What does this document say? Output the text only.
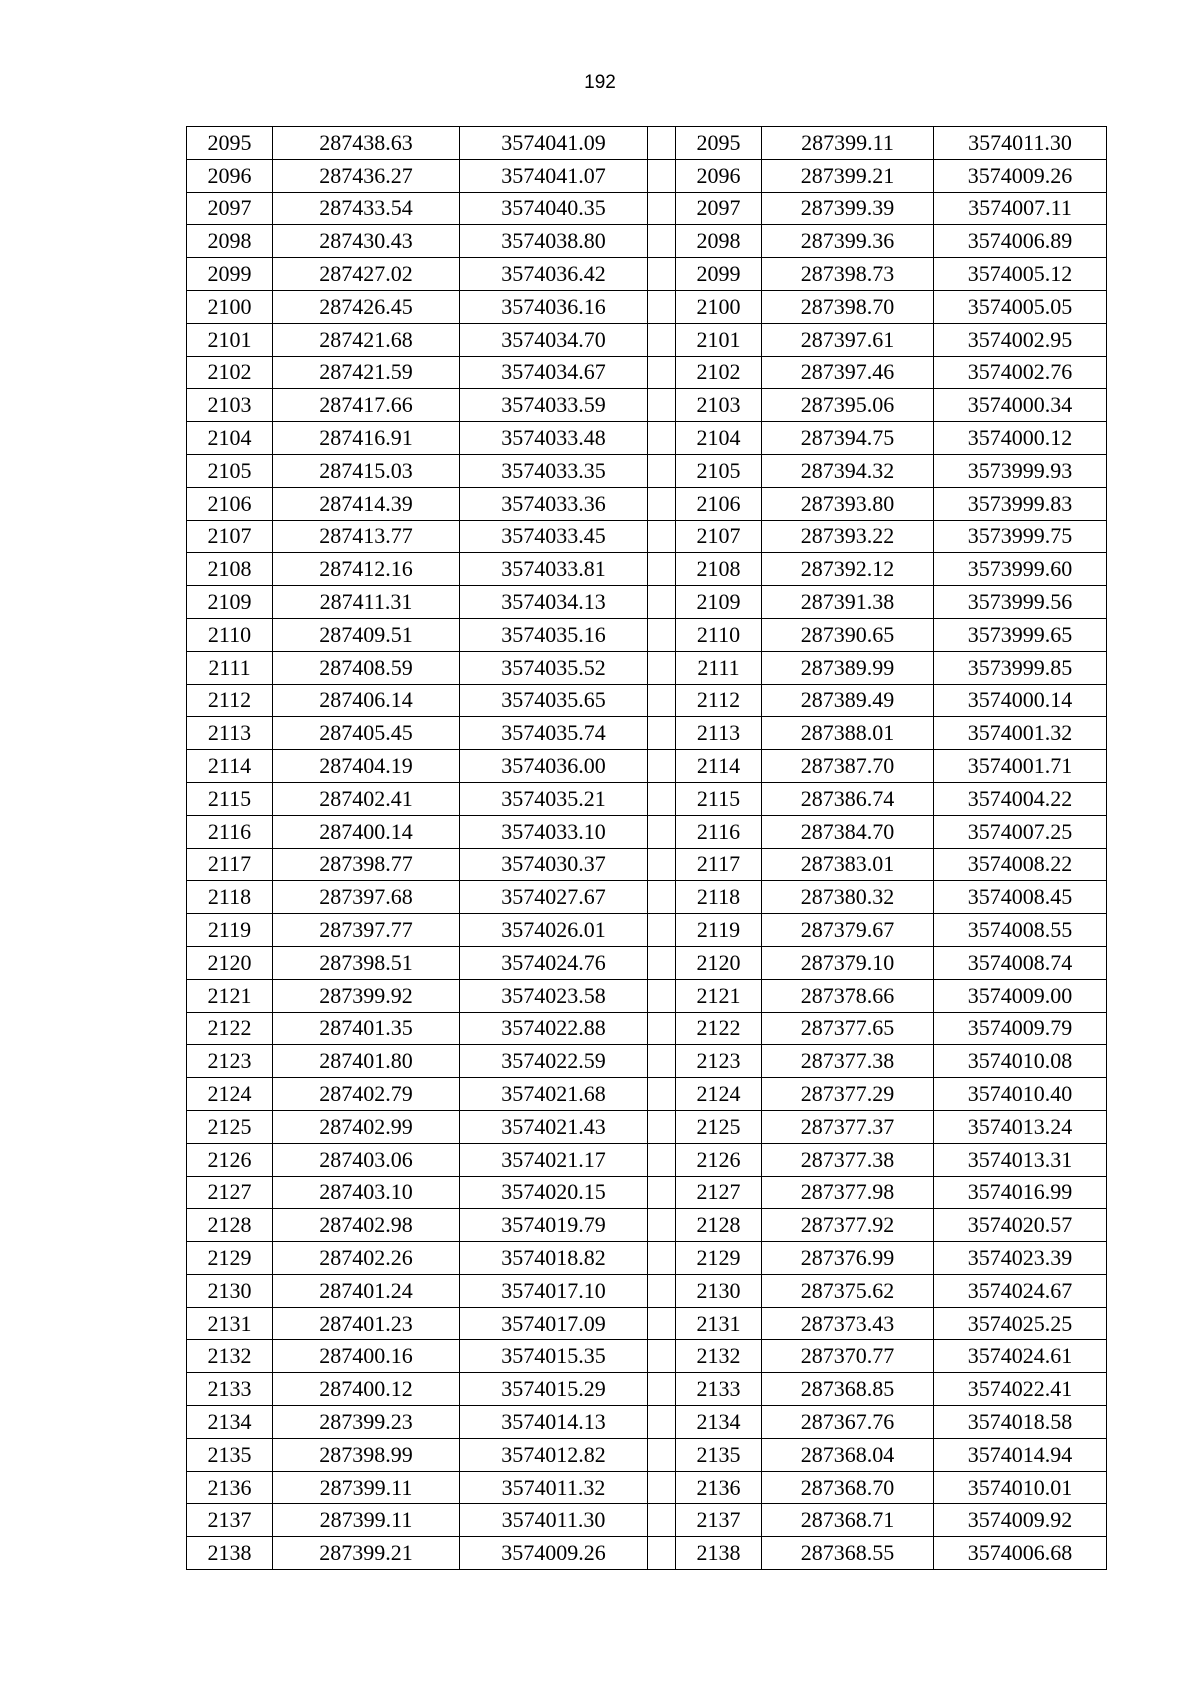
192
2095	287438.63	3574041.09		2095	287399.11	3574011.30
2096	287436.27	3574041.07		2096	287399.21	3574009.26
2097	287433.54	3574040.35		2097	287399.39	3574007.11
2098	287430.43	3574038.80		2098	287399.36	3574006.89
2099	287427.02	3574036.42		2099	287398.73	3574005.12
2100	287426.45	3574036.16		2100	287398.70	3574005.05
2101	287421.68	3574034.70		2101	287397.61	3574002.95
2102	287421.59	3574034.67		2102	287397.46	3574002.76
2103	287417.66	3574033.59		2103	287395.06	3574000.34
2104	287416.91	3574033.48		2104	287394.75	3574000.12
2105	287415.03	3574033.35		2105	287394.32	3573999.93
2106	287414.39	3574033.36		2106	287393.80	3573999.83
2107	287413.77	3574033.45		2107	287393.22	3573999.75
2108	287412.16	3574033.81		2108	287392.12	3573999.60
2109	287411.31	3574034.13		2109	287391.38	3573999.56
2110	287409.51	3574035.16		2110	287390.65	3573999.65
2111	287408.59	3574035.52		2111	287389.99	3573999.85
2112	287406.14	3574035.65		2112	287389.49	3574000.14
2113	287405.45	3574035.74		2113	287388.01	3574001.32
2114	287404.19	3574036.00		2114	287387.70	3574001.71
2115	287402.41	3574035.21		2115	287386.74	3574004.22
2116	287400.14	3574033.10		2116	287384.70	3574007.25
2117	287398.77	3574030.37		2117	287383.01	3574008.22
2118	287397.68	3574027.67		2118	287380.32	3574008.45
2119	287397.77	3574026.01		2119	287379.67	3574008.55
2120	287398.51	3574024.76		2120	287379.10	3574008.74
2121	287399.92	3574023.58		2121	287378.66	3574009.00
2122	287401.35	3574022.88		2122	287377.65	3574009.79
2123	287401.80	3574022.59		2123	287377.38	3574010.08
2124	287402.79	3574021.68		2124	287377.29	3574010.40
2125	287402.99	3574021.43		2125	287377.37	3574013.24
2126	287403.06	3574021.17		2126	287377.38	3574013.31
2127	287403.10	3574020.15		2127	287377.98	3574016.99
2128	287402.98	3574019.79		2128	287377.92	3574020.57
2129	287402.26	3574018.82		2129	287376.99	3574023.39
2130	287401.24	3574017.10		2130	287375.62	3574024.67
2131	287401.23	3574017.09		2131	287373.43	3574025.25
2132	287400.16	3574015.35		2132	287370.77	3574024.61
2133	287400.12	3574015.29		2133	287368.85	3574022.41
2134	287399.23	3574014.13		2134	287367.76	3574018.58
2135	287398.99	3574012.82		2135	287368.04	3574014.94
2136	287399.11	3574011.32		2136	287368.70	3574010.01
2137	287399.11	3574011.30		2137	287368.71	3574009.92
2138	287399.21	3574009.26		2138	287368.55	3574006.68
